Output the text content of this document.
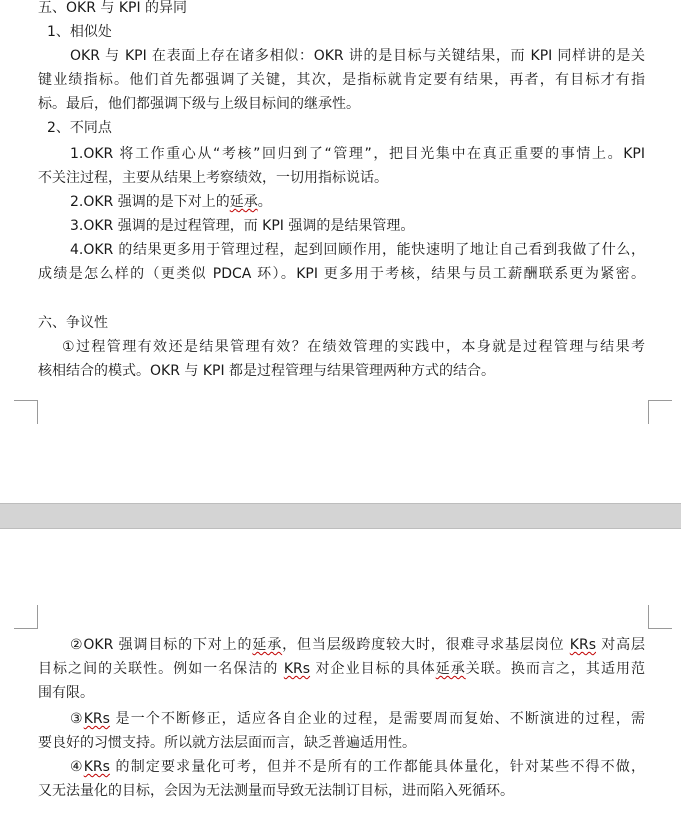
五、OKR 与 KPI 的异同
1、相似处
OKR 与 KPI 在表面上存在诸多相似：OKR 讲的是目标与关键结果，而 KPI 同样讲的是关
键业绩指标。他们首先都强调了关键，其次，是指标就肯定要有结果，再者，有目标才有指
标。最后，他们都强调下级与上级目标间的继承性。
2、不同点
1.OKR 将工作重心从“考核”回归到了“管理”，把目光集中在真正重要的事情上。KPI
不关注过程，主要从结果上考察绩效，一切用指标说话。
2.OKR 强调的是下对上的延承。
3.OKR 强调的是过程管理，而 KPI 强调的是结果管理。
4.OKR 的结果更多用于管理过程，起到回顾作用，能快速明了地让自己看到我做了什么，
成绩是怎么样的（更类似 PDCA 环）。KPI 更多用于考核，结果与员工薪酬联系更为紧密。
六、争议性
①过程管理有效还是结果管理有效？在绩效管理的实践中，本身就是过程管理与结果考
核相结合的模式。OKR 与 KPI 都是过程管理与结果管理两种方式的结合。
②OKR 强调目标的下对上的延承，但当层级跨度较大时，很难寻求基层岗位 KRs 对高层
目标之间的关联性。例如一名保洁的 KRs 对企业目标的具体延承关联。换而言之，其适用范
围有限。
③KRs 是一个不断修正，适应各自企业的过程，是需要周而复始、不断演进的过程，需
要良好的习惯支持。所以就方法层面而言，缺乏普遍适用性。
④KRs 的制定要求量化可考，但并不是所有的工作都能具体量化，针对某些不得不做，
又无法量化的目标，会因为无法测量而导致无法制订目标，进而陷入死循环。
